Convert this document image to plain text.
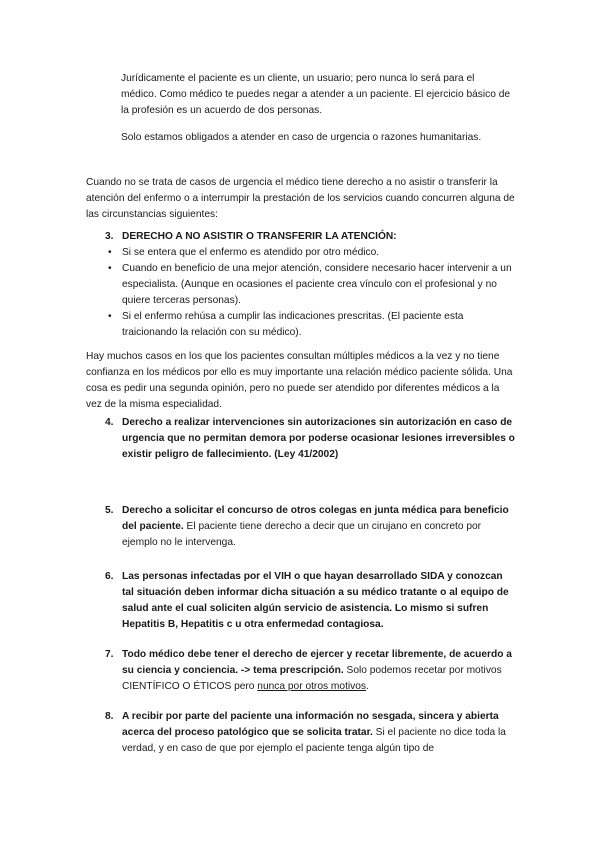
Jurídicamente el paciente es un cliente, un usuario; pero nunca lo será para el médico. Como médico te puedes negar a atender a un paciente. El ejercicio básico de la profesión es un acuerdo de dos personas.

Solo estamos obligados a atender en caso de urgencia o razones humanitarias.

Cuando no se trata de casos de urgencia el médico tiene derecho a no asistir o transferir la atención del enfermo o a interrumpir la prestación de los servicios cuando concurren alguna de las circunstancias siguientes:

3. DERECHO A NO ASISTIR O TRANSFERIR LA ATENCIÓN:
• Si se entera que el enfermo es atendido por otro médico.
• Cuando en beneficio de una mejor atención, considere necesario hacer intervenir a un especialista. (Aunque en ocasiones el paciente crea vínculo con el profesional y no quiere terceras personas).
• Si el enfermo rehúsa a cumplir las indicaciones prescritas. (El paciente esta traicionando la relación con su médico).

Hay muchos casos en los que los pacientes consultan múltiples médicos a la vez y no tiene confianza en los médicos por ello es muy importante una relación médico paciente sólida. Una cosa es pedir una segunda opinión, pero no puede ser atendido por diferentes médicos a la vez de la misma especialidad.

4. Derecho a realizar intervenciones sin autorizaciones sin autorización en caso de urgencia que no permitan demora por poderse ocasionar lesiones irreversibles o existir peligro de fallecimiento. (Ley 41/2002)
5. Derecho a solicitar el concurso de otros colegas en junta médica para beneficio del paciente. El paciente tiene derecho a decir que un cirujano en concreto por ejemplo no le intervenga.
6. Las personas infectadas por el VIH o que hayan desarrollado SIDA y conozcan tal situación deben informar dicha situación a su médico tratante o al equipo de salud ante el cual soliciten algún servicio de asistencia. Lo mismo si sufren Hepatitis B, Hepatitis c u otra enfermedad contagiosa.
7. Todo médico debe tener el derecho de ejercer y recetar libremente, de acuerdo a su ciencia y conciencia. -> tema prescripción. Solo podemos recetar por motivos CIENTÍFICO O ÉTICOS pero nunca por otros motivos.
8. A recibir por parte del paciente una información no sesgada, sincera y abierta acerca del proceso patológico que se solicita tratar. Si el paciente no dice toda la verdad, y en caso de que por ejemplo el paciente tenga algún tipo de
